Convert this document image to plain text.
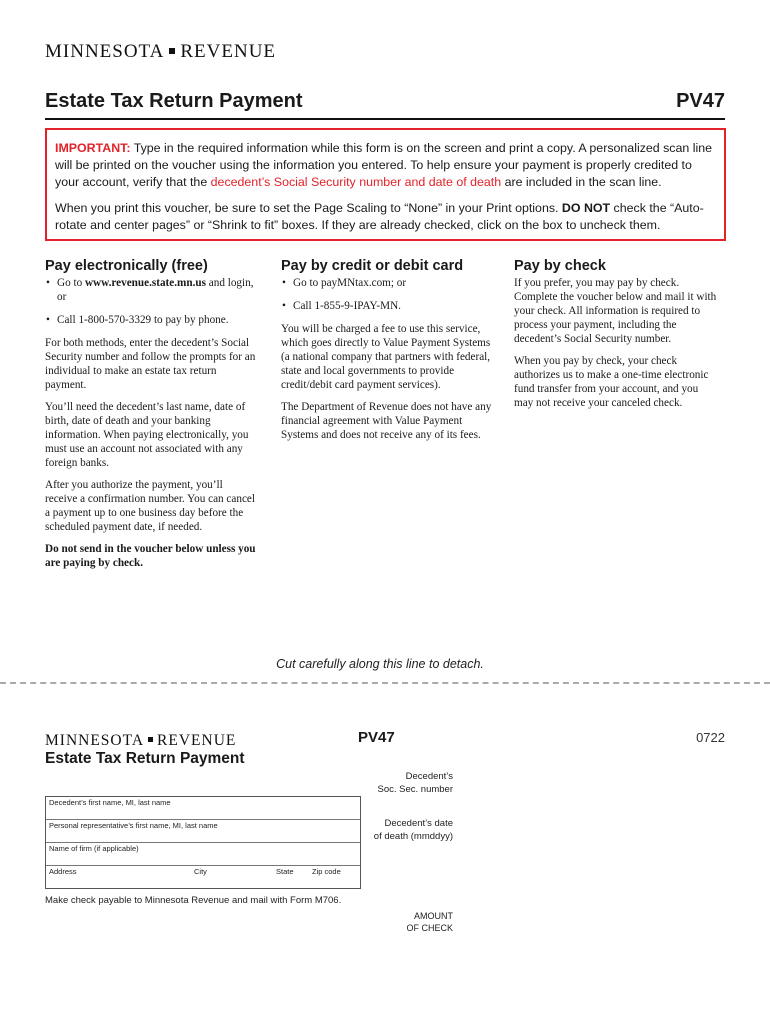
MINNESOTA REVENUE
Estate Tax Return Payment	PV47

IMPORTANT: Type in the required information while this form is on the screen and print a copy. A personalized scan line will be printed on the voucher using the information you entered. To help ensure your payment is properly credited to your account, verify that the decedent’s Social Security number and date of death are included in the scan line.

When you print this voucher, be sure to set the Page Scaling to “None” in your Print options. DO NOT check the “Auto-rotate and center pages” or “Shrink to fit” boxes. If they are already checked, click on the box to uncheck them.

Pay electronically (free)
• Go to www.revenue.state.mn.us and login, or
• Call 1-800-570-3329 to pay by phone.

For both methods, enter the decedent’s Social Security number and follow the prompts for an individual to make an estate tax return payment.

You’ll need the decedent’s last name, date of birth, date of death and your banking information. When paying electronically, you must use an account not associated with any foreign banks.

After you authorize the payment, you’ll receive a confirmation number. You can cancel a payment up to one business day before the scheduled payment date, if needed.

Do not send in the voucher below unless you are paying by check.

Pay by credit or debit card
• Go to payMNtax.com; or
• Call 1-855-9-IPAY-MN.

You will be charged a fee to use this service, which goes directly to Value Payment Systems (a national company that partners with federal, state and local governments to provide credit/debit card payment services).

The Department of Revenue does not have any financial agreement with Value Payment Systems and does not receive any of its fees.

Pay by check

If you prefer, you may pay by check. Complete the voucher below and mail it with your check. All information is required to process your payment, including the decedent’s Social Security number.

When you pay by check, your check authorizes us to make a one-time electronic fund transfer from your account, and you may not receive your canceled check.

Cut carefully along this line to detach.
MINNESOTA REVENUE
Estate Tax Return Payment
PV47	0722
Decedent’s
Soc. Sec. number
Decedent’s date
of death (mmddyy)
AMOUNT
OF CHECK
Decedent’s first name, MI, last name
Personal representative’s first name, MI, last name
Name of firm (if applicable)
Address	City	State Zip code
Make check payable to Minnesota Revenue and mail with Form M706.
